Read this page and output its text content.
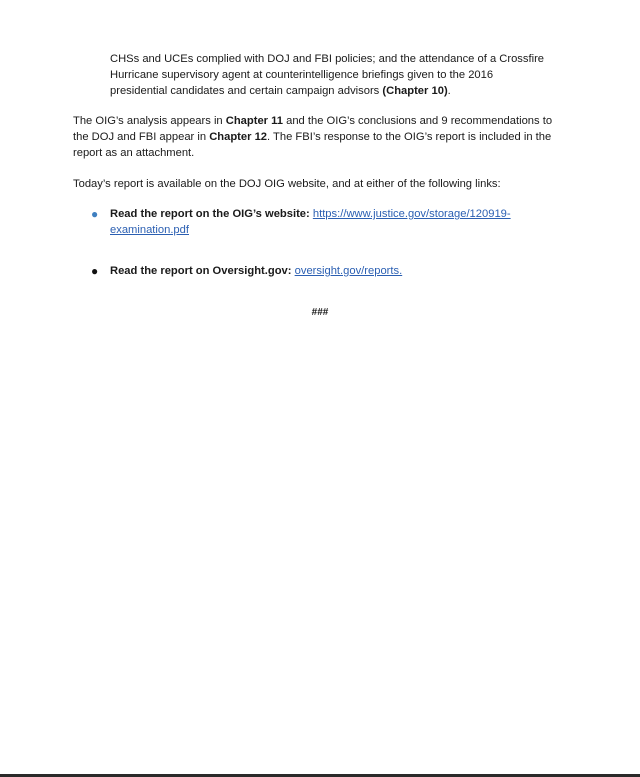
CHSs and UCEs complied with DOJ and FBI policies; and the attendance of a Crossfire
Hurricane supervisory agent at counterintelligence briefings given to the 2016
presidential candidates and certain campaign advisors (Chapter 10).

The OIG’s analysis appears in Chapter 11 and the OIG’s conclusions and 9 recommendations to
the DOJ and FBI appear in Chapter 12. The FBI’s response to the OIG’s report is included in the
report as an attachment.

Today’s report is available on the DOJ OIG website, and at either of the following links:

●	Read the report on the OIG’s website: https://www.justice.gov/storage/120919-
examination.pdf
●	Read the report on Oversight.gov: oversight.gov/reports.
###
